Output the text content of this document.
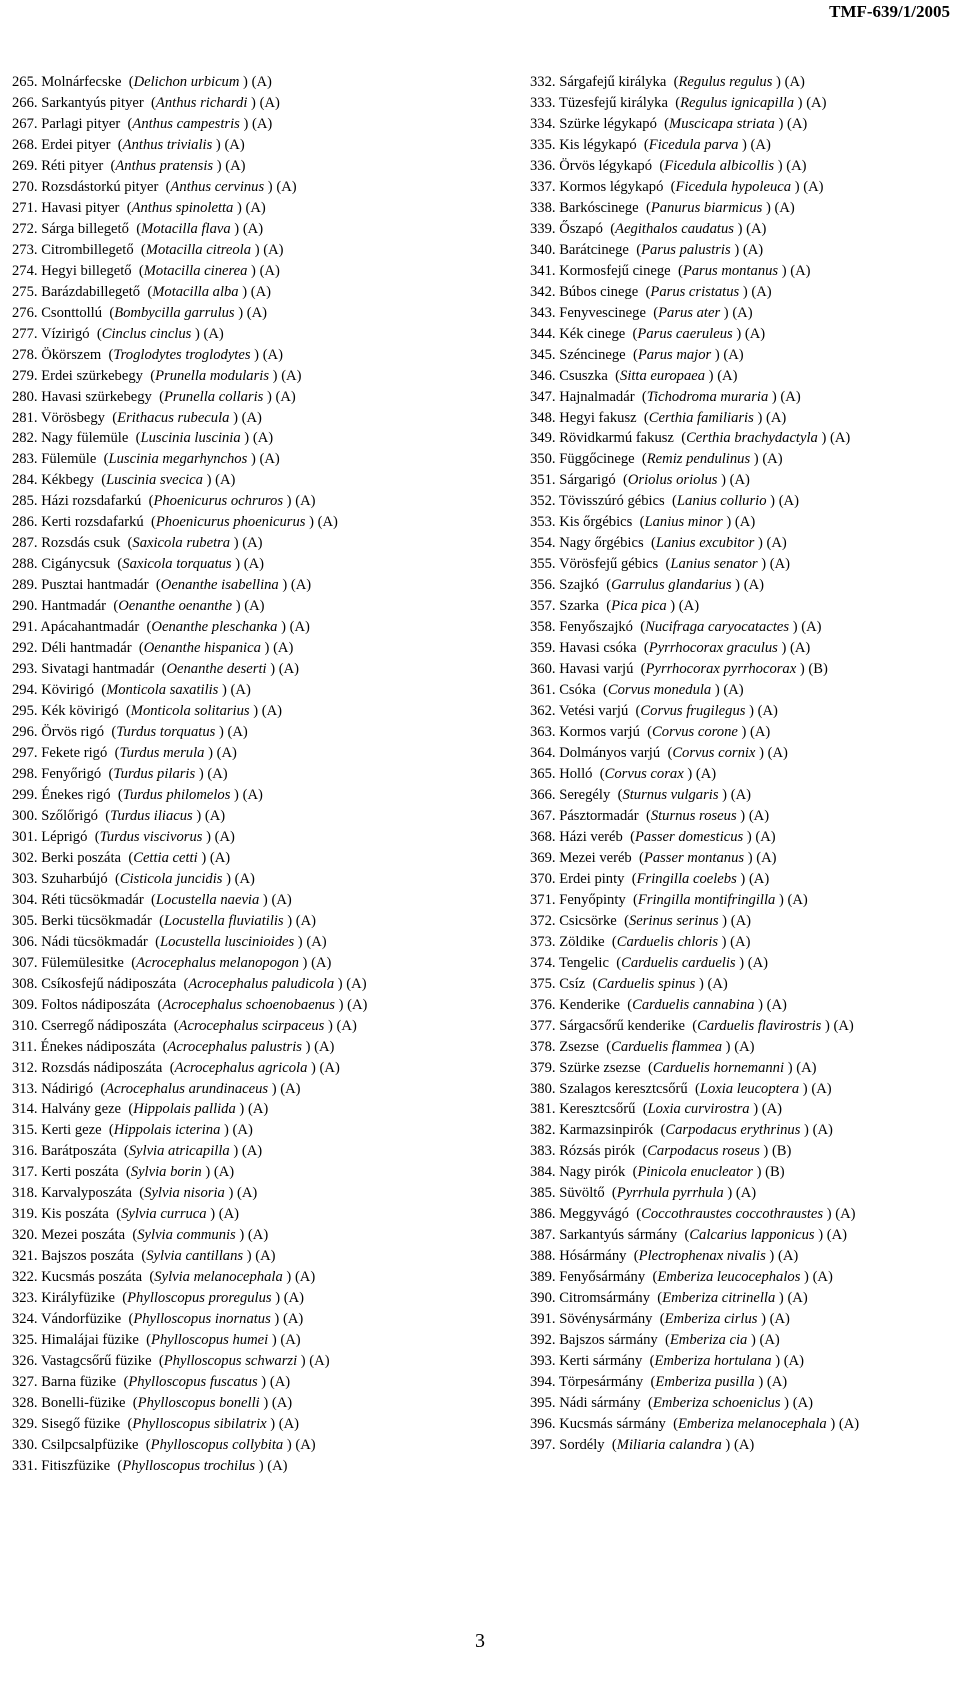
TMF-639/1/2005
265. Molnárfecske  (Delichon urbicum ) (A)
266. Sarkantyús pityer  (Anthus richardi ) (A)
267. Parlagi pityer  (Anthus campestris ) (A)
268. Erdei pityer  (Anthus trivialis ) (A)
269. Réti pityer  (Anthus pratensis ) (A)
270. Rozsdástorkú pityer  (Anthus cervinus ) (A)
271. Havasi pityer  (Anthus spinoletta ) (A)
272. Sárga billegető  (Motacilla flava ) (A)
273. Citrombillegető  (Motacilla citreola ) (A)
274. Hegyi billegető  (Motacilla cinerea ) (A)
275. Barázdabillegető  (Motacilla alba ) (A)
276. Csonttollú  (Bombycilla garrulus ) (A)
277. Vízirigó  (Cinclus cinclus ) (A)
278. Ökörszem  (Troglodytes troglodytes ) (A)
279. Erdei szürkebegy  (Prunella modularis ) (A)
280. Havasi szürkebegy  (Prunella collaris ) (A)
281. Vörösbegy  (Erithacus rubecula ) (A)
282. Nagy fülemüle  (Luscinia luscinia ) (A)
283. Fülemüle  (Luscinia megarhynchos ) (A)
284. Kékbegy  (Luscinia svecica ) (A)
285. Házi rozsdafarkú  (Phoenicurus ochruros ) (A)
286. Kerti rozsdafarkú  (Phoenicurus phoenicurus ) (A)
287. Rozsdás csuk  (Saxicola rubetra ) (A)
288. Cigánycsuk  (Saxicola torquatus ) (A)
289. Pusztai hantmadár  (Oenanthe isabellina ) (A)
290. Hantmadár  (Oenanthe oenanthe ) (A)
291. Apácahantmadár  (Oenanthe pleschanka ) (A)
292. Déli hantmadár  (Oenanthe hispanica ) (A)
293. Sivatagi hantmadár  (Oenanthe deserti ) (A)
294. Kövirigó  (Monticola saxatilis ) (A)
295. Kék kövirigó  (Monticola solitarius ) (A)
296. Örvös rigó  (Turdus torquatus ) (A)
297. Fekete rigó  (Turdus merula ) (A)
298. Fenyőrigó  (Turdus pilaris ) (A)
299. Énekes rigó  (Turdus philomelos ) (A)
300. Szőlőrigó  (Turdus iliacus ) (A)
301. Léprigó  (Turdus viscivorus ) (A)
302. Berki poszáta  (Cettia cetti ) (A)
303. Szuharbújó  (Cisticola juncidis ) (A)
304. Réti tücsökmadár  (Locustella naevia ) (A)
305. Berki tücsökmadár  (Locustella fluviatilis ) (A)
306. Nádi tücsökmadár  (Locustella luscinioides ) (A)
307. Fülemülesitke  (Acrocephalus melanopogon ) (A)
308. Csíkosfejű nádiposzáta  (Acrocephalus paludicola ) (A)
309. Foltos nádiposzáta  (Acrocephalus schoenobaenus ) (A)
310. Cserregő nádiposzáta  (Acrocephalus scirpaceus ) (A)
311. Énekes nádiposzáta  (Acrocephalus palustris ) (A)
312. Rozsdás nádiposzáta  (Acrocephalus agricola ) (A)
313. Nádirigó  (Acrocephalus arundinaceus ) (A)
314. Halvány geze  (Hippolais pallida ) (A)
315. Kerti geze  (Hippolais icterina ) (A)
316. Barátposzáta  (Sylvia atricapilla ) (A)
317. Kerti poszáta  (Sylvia borin ) (A)
318. Karvalyposzáta  (Sylvia nisoria ) (A)
319. Kis poszáta  (Sylvia curruca ) (A)
320. Mezei poszáta  (Sylvia communis ) (A)
321. Bajszos poszáta  (Sylvia cantillans ) (A)
322. Kucsmás poszáta  (Sylvia melanocephala ) (A)
323. Királyfüzike  (Phylloscopus proregulus ) (A)
324. Vándorfüzike  (Phylloscopus inornatus ) (A)
325. Himalájai füzike  (Phylloscopus humei ) (A)
326. Vastagcsőrű füzike  (Phylloscopus schwarzi ) (A)
327. Barna füzike  (Phylloscopus fuscatus ) (A)
328. Bonelli-füzike  (Phylloscopus bonelli ) (A)
329. Sisegő füzike  (Phylloscopus sibilatrix ) (A)
330. Csilpcsalpfüzike  (Phylloscopus collybita ) (A)
331. Fitiszfüzike  (Phylloscopus trochilus ) (A)
332. Sárgafejű királyka  (Regulus regulus ) (A)
333. Tüzesfejű királyka  (Regulus ignicapilla ) (A)
334. Szürke légykapó  (Muscicapa striata ) (A)
335. Kis légykapó  (Ficedula parva ) (A)
336. Örvös légykapó  (Ficedula albicollis ) (A)
337. Kormos légykapó  (Ficedula hypoleuca ) (A)
338. Barkóscinege  (Panurus biarmicus ) (A)
339. Őszapó  (Aegithalos caudatus ) (A)
340. Barátcinege  (Parus palustris ) (A)
341. Kormosfejű cinege  (Parus montanus ) (A)
342. Búbos cinege  (Parus cristatus ) (A)
343. Fenyvescinege  (Parus ater ) (A)
344. Kék cinege  (Parus caeruleus ) (A)
345. Széncinege  (Parus major ) (A)
346. Csuszka  (Sitta europaea ) (A)
347. Hajnalmadár  (Tichodroma muraria ) (A)
348. Hegyi fakusz  (Certhia familiaris ) (A)
349. Rövidkarmú fakusz  (Certhia brachydactyla ) (A)
350. Függőcinege  (Remiz pendulinus ) (A)
351. Sárgarigó  (Oriolus oriolus ) (A)
352. Tövisszúró gébics  (Lanius collurio ) (A)
353. Kis őrgébics  (Lanius minor ) (A)
354. Nagy őrgébics  (Lanius excubitor ) (A)
355. Vörösfejű gébics  (Lanius senator ) (A)
356. Szajkó  (Garrulus glandarius ) (A)
357. Szarka  (Pica pica ) (A)
358. Fenyőszajkó  (Nucifraga caryocatactes ) (A)
359. Havasi csóka  (Pyrrhocorax graculus ) (A)
360. Havasi varjú  (Pyrrhocorax pyrrhocorax ) (B)
361. Csóka  (Corvus monedula ) (A)
362. Vetési varjú  (Corvus frugilegus ) (A)
363. Kormos varjú  (Corvus corone ) (A)
364. Dolmányos varjú  (Corvus cornix ) (A)
365. Holló  (Corvus corax ) (A)
366. Seregély  (Sturnus vulgaris ) (A)
367. Pásztormadár  (Sturnus roseus ) (A)
368. Házi veréb  (Passer domesticus ) (A)
369. Mezei veréb  (Passer montanus ) (A)
370. Erdei pinty  (Fringilla coelebs ) (A)
371. Fenyőpinty  (Fringilla montifringilla ) (A)
372. Csicsörke  (Serinus serinus ) (A)
373. Zöldike  (Carduelis chloris ) (A)
374. Tengelic  (Carduelis carduelis ) (A)
375. Csíz  (Carduelis spinus ) (A)
376. Kenderike  (Carduelis cannabina ) (A)
377. Sárgacsőrű kenderike  (Carduelis flavirostris ) (A)
378. Zsezse  (Carduelis flammea ) (A)
379. Szürke zsezse  (Carduelis hornemanni ) (A)
380. Szalagos keresztcsőrű  (Loxia leucoptera ) (A)
381. Keresztcsőrű  (Loxia curvirostra ) (A)
382. Karmazsinpirók  (Carpodacus erythrinus ) (A)
383. Rózsás pirók  (Carpodacus roseus ) (B)
384. Nagy pirók  (Pinicola enucleator ) (B)
385. Süvöltő  (Pyrrhula pyrrhula ) (A)
386. Meggyvágó  (Coccothraustes coccothraustes ) (A)
387. Sarkantyús sármány  (Calcarius lapponicus ) (A)
388. Hósármány  (Plectrophenax nivalis ) (A)
389. Fenyősármány  (Emberiza leucocephalos ) (A)
390. Citromsármány  (Emberiza citrinella ) (A)
391. Sövénysármány  (Emberiza cirlus ) (A)
392. Bajszos sármány  (Emberiza cia ) (A)
393. Kerti sármány  (Emberiza hortulana ) (A)
394. Törpesármány  (Emberiza pusilla ) (A)
395. Nádi sármány  (Emberiza schoeniclus ) (A)
396. Kucsmás sármány  (Emberiza melanocephala ) (A)
397. Sordély  (Miliaria calandra ) (A)
3
